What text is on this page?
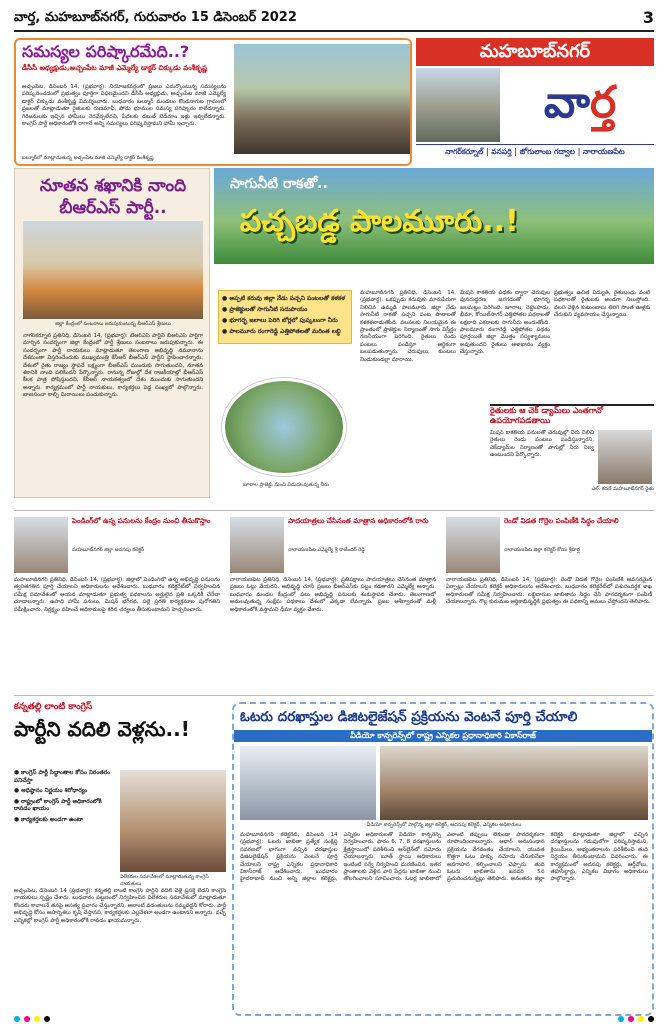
వార్త, మహబూబ్‌నగర్, గురువారం 15 డిసెంబర్ 2022	3
సమస్యల పరిష్కారమేది..?
డీసీసీ అధ్యక్షుడు,అచ్చంపేట మాజీ ఎమ్మెల్యే డాక్టర్ చిక్కుడు వంశీకృష్ణ
అచ్చంపేట, డిసెంబర్ 14, (ప్రభవార్త): నియోజకవర్గంలో ప్రజలు ఎదుర్కొంటున్న సమస్యలను పరిష్కరించడంలో ప్రభుత్వం పూర్తిగా విఫలమైందని డీసీసీ అధ్యక్షుడు, అచ్చంపేట మాజీ ఎమ్మెల్యే డాక్టర్ చిక్కుడు వంశీకృష్ణ విమర్శించారు. బుధవారం బల్మూర్ మండలం కొండనాగుల గ్రామంలో ప్రజలతో మాట్లాడుతూ రైతులకు రుణమాఫీ, పోడు భూముల సమస్య పరిష్కారం కాలేదన్నారు. గిరిజనులకు ఇచ్చిన హామీలు నెరవేర్చలేదని, పేదలకు డబుల్ బెడ్‌రూం ఇళ్లు ఇవ్వలేదన్నారు. కాంగ్రెస్ పార్టీ అధికారంలోకి రాగానే అన్ని సమస్యలు పరిష్కరిస్తామని హామీ ఇచ్చారు.
బల్మూర్‌లో మాట్లాడుతున్న అచ్చంపేట మాజీ ఎమ్మెల్యే డాక్టర్ వంశీకృష్ణ
మహబూబ్‌నగర్
వార్త
నాగర్‌కర్నూల్ | వనపర్తి | జోగులాంబ గద్వాల | నారాయణపేట
నూతన శఖానికి నాంది బీఆర్ఎస్ పార్టీ..
జిల్లా కేంద్రంలో సంబరాలు జరుపుకుంటున్న బీఆర్ఎస్ శ్రేణులు
నాగర్‌కర్నూల్ ప్రతినిధి, డిసెంబర్ 14, (ప్రభవార్త): టీఆర్ఎస్ పార్టీని బీఆర్ఎస్ పార్టీగా మార్చిన సందర్భంగా జిల్లా కేంద్రంలో పార్టీ శ్రేణులు సంబరాలు జరుపుకున్నారు. ఈ సందర్భంగా పార్టీ నాయకులు మాట్లాడుతూ తెలంగాణ అభివృద్ధి నమూనాను దేశమంతా విస్తరించేందుకు ముఖ్యమంత్రి కేసీఆర్ బీఆర్ఎస్ పార్టీని స్థాపించారన్నారు. దేశంలో రైతు రాజ్యం స్థాపనే లక్ష్యంగా బీఆర్ఎస్ ముందుకు సాగుతుందని, నూతన శకానికి నాంది పలికిందని పేర్కొన్నారు. రానున్న రోజుల్లో దేశ రాజకీయాల్లో బీఆర్ఎస్ కీలక పాత్ర పోషిస్తుందని, కేసీఆర్ నాయకత్వంలో దేశం ముందుకు సాగుతుందని అన్నారు. కార్యక్రమంలో పార్టీ నాయకులు, కార్యకర్తలు పెద్ద సంఖ్యలో పాల్గొన్నారు. బాణసంచా కాల్చి మిఠాయిలు పంచుకున్నారు.
సాగునీటి రాకతో..
పచ్చబడ్డ పాలమూరు..!
● అప్పటి కరువు జిల్లా నేడు పచ్చని పంటలతో కళకళ
● ప్రాజెక్టులతో సాగునీటి సదుపాయం
● భూగర్భ జలాలు పెరిగి బోర్లలో పుష్కలంగా నీరు
● పాలమూరు రంగారెడ్డి ఎత్తిపోతలతో మరింత లబ్ధి
జూరాల ప్రాజెక్టు నుంచి విడుదలవుతున్న నీరు
మహబూబ్‌నగర్ ప్రతినిధి, డిసెంబర్ 14, (ప్రభవార్త): ఒకప్పుడు కరువుకు మారుపేరుగా నిలిచిన ఉమ్మడి పాలమూరు జిల్లా నేడు సాగునీటి రాకతో పచ్చని పంట పొలాలతో కళకళలాడుతోంది. వలసలకు నిలయమైన ఈ ప్రాంతంలో ప్రాజెక్టుల నిర్మాణంతో సాగు విస్తీర్ణం గణనీయంగా పెరిగింది. రైతులు రెండు పంటలు పండిస్తూ ఆర్థికంగా బలపడుతున్నారు. చెరువులు, కుంటలు నిండుకుండల్లా మారాయి.
మిషన్ కాకతీయ పథకం ద్వారా చెరువుల పునరుద్ధరణ జరగడంతో భూగర్భ జలమట్టం పెరిగింది. జూరాల, నెట్టెంపాడు, భీమా, కోయిల్‌సాగర్ ఎత్తిపోతల పథకాలతో లక్షలాది ఎకరాలకు సాగునీరు అందుతోంది. పాలమూరు రంగారెడ్డి ఎత్తిపోతల పథకం పూర్తయితే జిల్లా మొత్తం సస్యశ్యామలం అవుతుందని రైతులు ఆశాభావం వ్యక్తం చేస్తున్నారు.
ప్రభుత్వం ఉచిత విద్యుత్, రైతుబంధు వంటి పథకాలతో రైతులకు అండగా నిలుస్తోంది. వలస వెళ్లిన కుటుంబాలు తిరిగి సొంత ఊళ్లకు చేరుకుని వ్యవసాయం చేస్తున్నాయి.
రైతులకు ఆ చెక్ డ్యామ్‌లు ఎంతగానో ఉపయోగపడతాయి
మిషన్ కాకతీయ పనులతో చెరువుల్లో నీరు నిలిచి రైతులు రెండు పంటలు పండిస్తున్నారని, చెక్‌డ్యామ్‌ల నిర్మాణంతో వాగుల్లో నీరు నిల్వ ఉంటుందని పేర్కొన్నారు.
ఎల్. కరణ్ మహబూబ్‌నగర్ రైతు
పెండింగ్‌లో ఉన్న పనులను కేంద్రం నుంచి తీసుకొస్తాం
మహబూబ్‌నగర్ జిల్లా అదనపు కలెక్టర్
మహబూబ్‌నగర్ ప్రతినిధి, డిసెంబర్ 14, (ప్రభవార్త): జిల్లాలో పెండింగ్‌లో ఉన్న అభివృద్ధి పనులను త్వరితగతిన పూర్తి చేయాలని అధికారులను ఆదేశించారు. బుధవారం కలెక్టరేట్‌లో నిర్వహించిన సమీక్ష సమావేశంలో ఆయన మాట్లాడుతూ ప్రభుత్వ పథకాలను అర్హులైన ప్రతి ఒక్కరికీ చేరేలా చూడాలన్నారు. ఉపాధి హామీ పనులు, మిషన్ భగీరథ, పల్లె ప్రగతి కార్యక్రమాల పురోగతిని సమీక్షించారు. నిర్లక్ష్యం వహించే అధికారులపై కఠిన చర్యలు తీసుకుంటామని హెచ్చరించారు.
పాదయాత్రలు చేసినంత మాత్రాన అధికారంలోకి రారు
నారాయణపేట ఎమ్మెల్యే శ్రీ రాజేందర్ రెడ్డి
నారాయణపేట ప్రతినిధి, డిసెంబర్ 14, (ప్రభవార్త): ప్రతిపక్షాలు పాదయాత్రలు చేసినంత మాత్రాన ప్రజలు ఓట్లు వేయరని, అభివృద్ధి చూసే ప్రజలు బీఆర్ఎస్‌కు పట్టం కడతారని ఎమ్మెల్యే అన్నారు. బుధవారం మండల కేంద్రంలో పలు అభివృద్ధి పనులకు శంకుస్థాపన చేశారు. తెలంగాణలో అమలవుతున్న సంక్షేమ పథకాలు దేశంలో ఎక్కడా లేవన్నారు. ప్రజల ఆశీర్వాదంతో మళ్లీ అధికారంలోకి వస్తామని ధీమా వ్యక్తం చేశారు.
రెండో విడత గొర్రెల పంపిణీకి సిద్ధం చేయాలి
నారాయణపేట జిల్లా కలెక్టర్ కోయ శ్రీహర్ష
నారాయణపేట ప్రతినిధి, డిసెంబర్ 14, (ప్రభవార్త): రెండో విడత గొర్రెల పంపిణీకి అవసరమైన ఏర్పాట్లు చేయాలని కలెక్టర్ అధికారులను ఆదేశించారు. బుధవారం కలెక్టరేట్‌లో పశుసంవర్ధక శాఖ అధికారులతో సమీక్ష నిర్వహించారు. లబ్ధిదారుల జాబితాను సిద్ధం చేసి పారదర్శకంగా పంపిణీ చేయాలన్నారు. గొల్ల కురుమల ఆర్థికాభివృద్ధికి ప్రభుత్వం ఈ పథకాన్ని అమలు చేస్తోందని తెలిపారు.
కన్నతల్లి లాంటి కాంగ్రెస్
పార్టీని వదిలి వెళ్లను..!
● కాంగ్రెస్ పార్టీ సిద్ధాంతాల కోసం నిరంతరం పనిచేస్తా
● అధిష్ఠానం నిర్ణయం శిరోధార్యం
● రాష్ట్రంలో కాంగ్రెస్ పార్టీ అధికారంలోకి రావడం ఖాయం
● కార్యకర్తలకు అండగా ఉంటా
విలేకరుల సమావేశంలో మాట్లాడుతున్న కాంగ్రెస్ నాయకులు
అచ్చంపేట, డిసెంబర్ 14 (ప్రభవార్త): కన్నతల్లి లాంటి కాంగ్రెస్ పార్టీని వదిలి వెళ్లే ప్రసక్తే లేదని కాంగ్రెస్ నాయకులు స్పష్టం చేశారు. బుధవారం పట్టణంలో నిర్వహించిన విలేకరుల సమావేశంలో మాట్లాడుతూ కొందరు కావాలనే తనపై అసత్య ప్రచారం చేస్తున్నారని, అలాంటి వదంతులను నమ్మవద్దని కోరారు. పార్టీ అభివృద్ధి కోసం అహర్నిశలు కృషి చేస్తానని, కార్యకర్తలకు ఎల్లవేళలా అండగా ఉంటానని అన్నారు. వచ్చే ఎన్నికల్లో కాంగ్రెస్ పార్టీ అధికారంలోకి రావడం ఖాయమన్నారు.
ఓటరు దరఖాస్తుల డిజిటలైజేషన్ ప్రక్రియను వెంటనే పూర్తి చేయాలి
వీడియో కాన్ఫరెన్స్‌లో రాష్ట్ర ఎన్నికల ప్రధానాధికారి వికాస్‌రాజ్
వీడియో కాన్ఫరెన్స్‌లో పాల్గొన్న జిల్లా కలెక్టర్, అదనపు కలెక్టర్, ఎన్నికల అధికారులు
మహబూబ్‌నగర్ కలెక్టరేట్, డిసెంబర్ 14 (ప్రభవార్త): ఓటరు జాబితా ప్రత్యేక సంక్షిప్త సవరణలో భాగంగా వచ్చిన దరఖాస్తుల డిజిటలైజేషన్ ప్రక్రియను వెంటనే పూర్తి చేయాలని రాష్ట్ర ఎన్నికల ప్రధానాధికారి వికాస్‌రాజ్ ఆదేశించారు. బుధవారం హైదరాబాద్ నుంచి అన్ని జిల్లాల కలెక్టర్లు, ఎన్నికల అధికారులతో వీడియో కాన్ఫరెన్స్ నిర్వహించారు. ఫారం 6, 7, 8 దరఖాస్తులను క్షేత్రస్థాయిలో పరిశీలించి ఆన్‌లైన్‌లో నమోదు చేయాలన్నారు. బూత్ స్థాయి అధికారులు ఇంటింటి సర్వే నిర్వహించి మరణించిన, ఇతర ప్రాంతాలకు వెళ్లిన వారి పేర్లను జాబితా నుంచి తొలగించాలని సూచించారు. ఓటర్ల జాబితాలో ఎలాంటి తప్పులు లేకుండా పారదర్శకంగా రూపొందించాలన్నారు. ఆధార్ అనుసంధాన ప్రక్రియను వేగవంతం చేయాలని, యువత కొత్తగా ఓటు హక్కు నమోదు చేసుకునేలా అవగాహన కల్పించాలని చెప్పారు. తుది ఓటరు జాబితాను జనవరి 5న ప్రచురించనున్నట్లు తెలిపారు. అనంతరం జిల్లా కలెక్టర్ మాట్లాడుతూ జిల్లాలో వచ్చిన దరఖాస్తులను గడువులోగా పరిష్కరిస్తామని, క్లెయిమ్‌లు, అభ్యంతరాలను పరిశీలించి తుది నిర్ణయం తీసుకుంటామని వివరించారు. ఈ కార్యక్రమంలో అదనపు కలెక్టర్లు, ఆర్డీవోలు, తహసీల్దార్లు, ఎన్నికల విభాగం అధికారులు పాల్గొన్నారు.
